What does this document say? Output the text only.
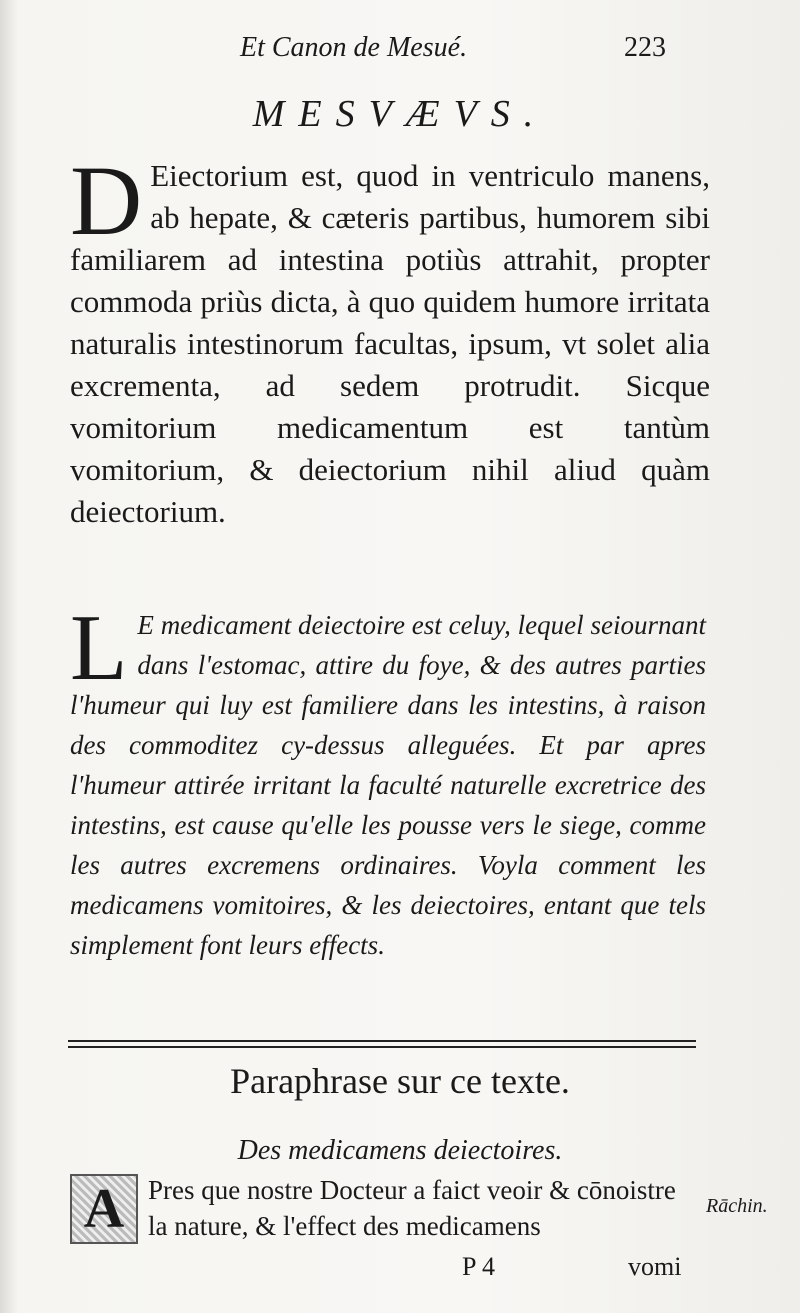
Et Canon de Mesué.	223
MESVÆVS.
D Eiectorium est, quod in ventriculo manens, ab hepate, & cæteris partibus, humorem sibi familiarem ad intestina potiùs attrahit, propter commoda priùs dicta, à quo quidem humore irritata naturalis intestinorum facultas, ipsum, vt solet alia excrementa, ad sedem protrudit. Sicque vomitorium medicamentum est tantùm vomitorium, & deiectorium nihil aliud quàm deiectorium.
L E medicament deiectoire est celuy, lequel seiournant dans l'estomac, attire du foye, & des autres parties l'humeur qui luy est familiere dans les intestins, à raison des commoditez cy-dessus alleguées. Et par apres l'humeur attirée irritant la faculté naturelle excretrice des intestins, est cause qu'elle les pousse vers le siege, comme les autres excremens ordinaires. Voyla comment les medicamens vomitoires, & les deiectoires, entant que tels simplement font leurs effects.
Paraphrase sur ce texte.
Des medicamens deiectoires.
A Pres que nostre Docteur a faict veoir & cōnoistre la nature, & l'effect des medicamens
Rāchin.
P 4	vomi
